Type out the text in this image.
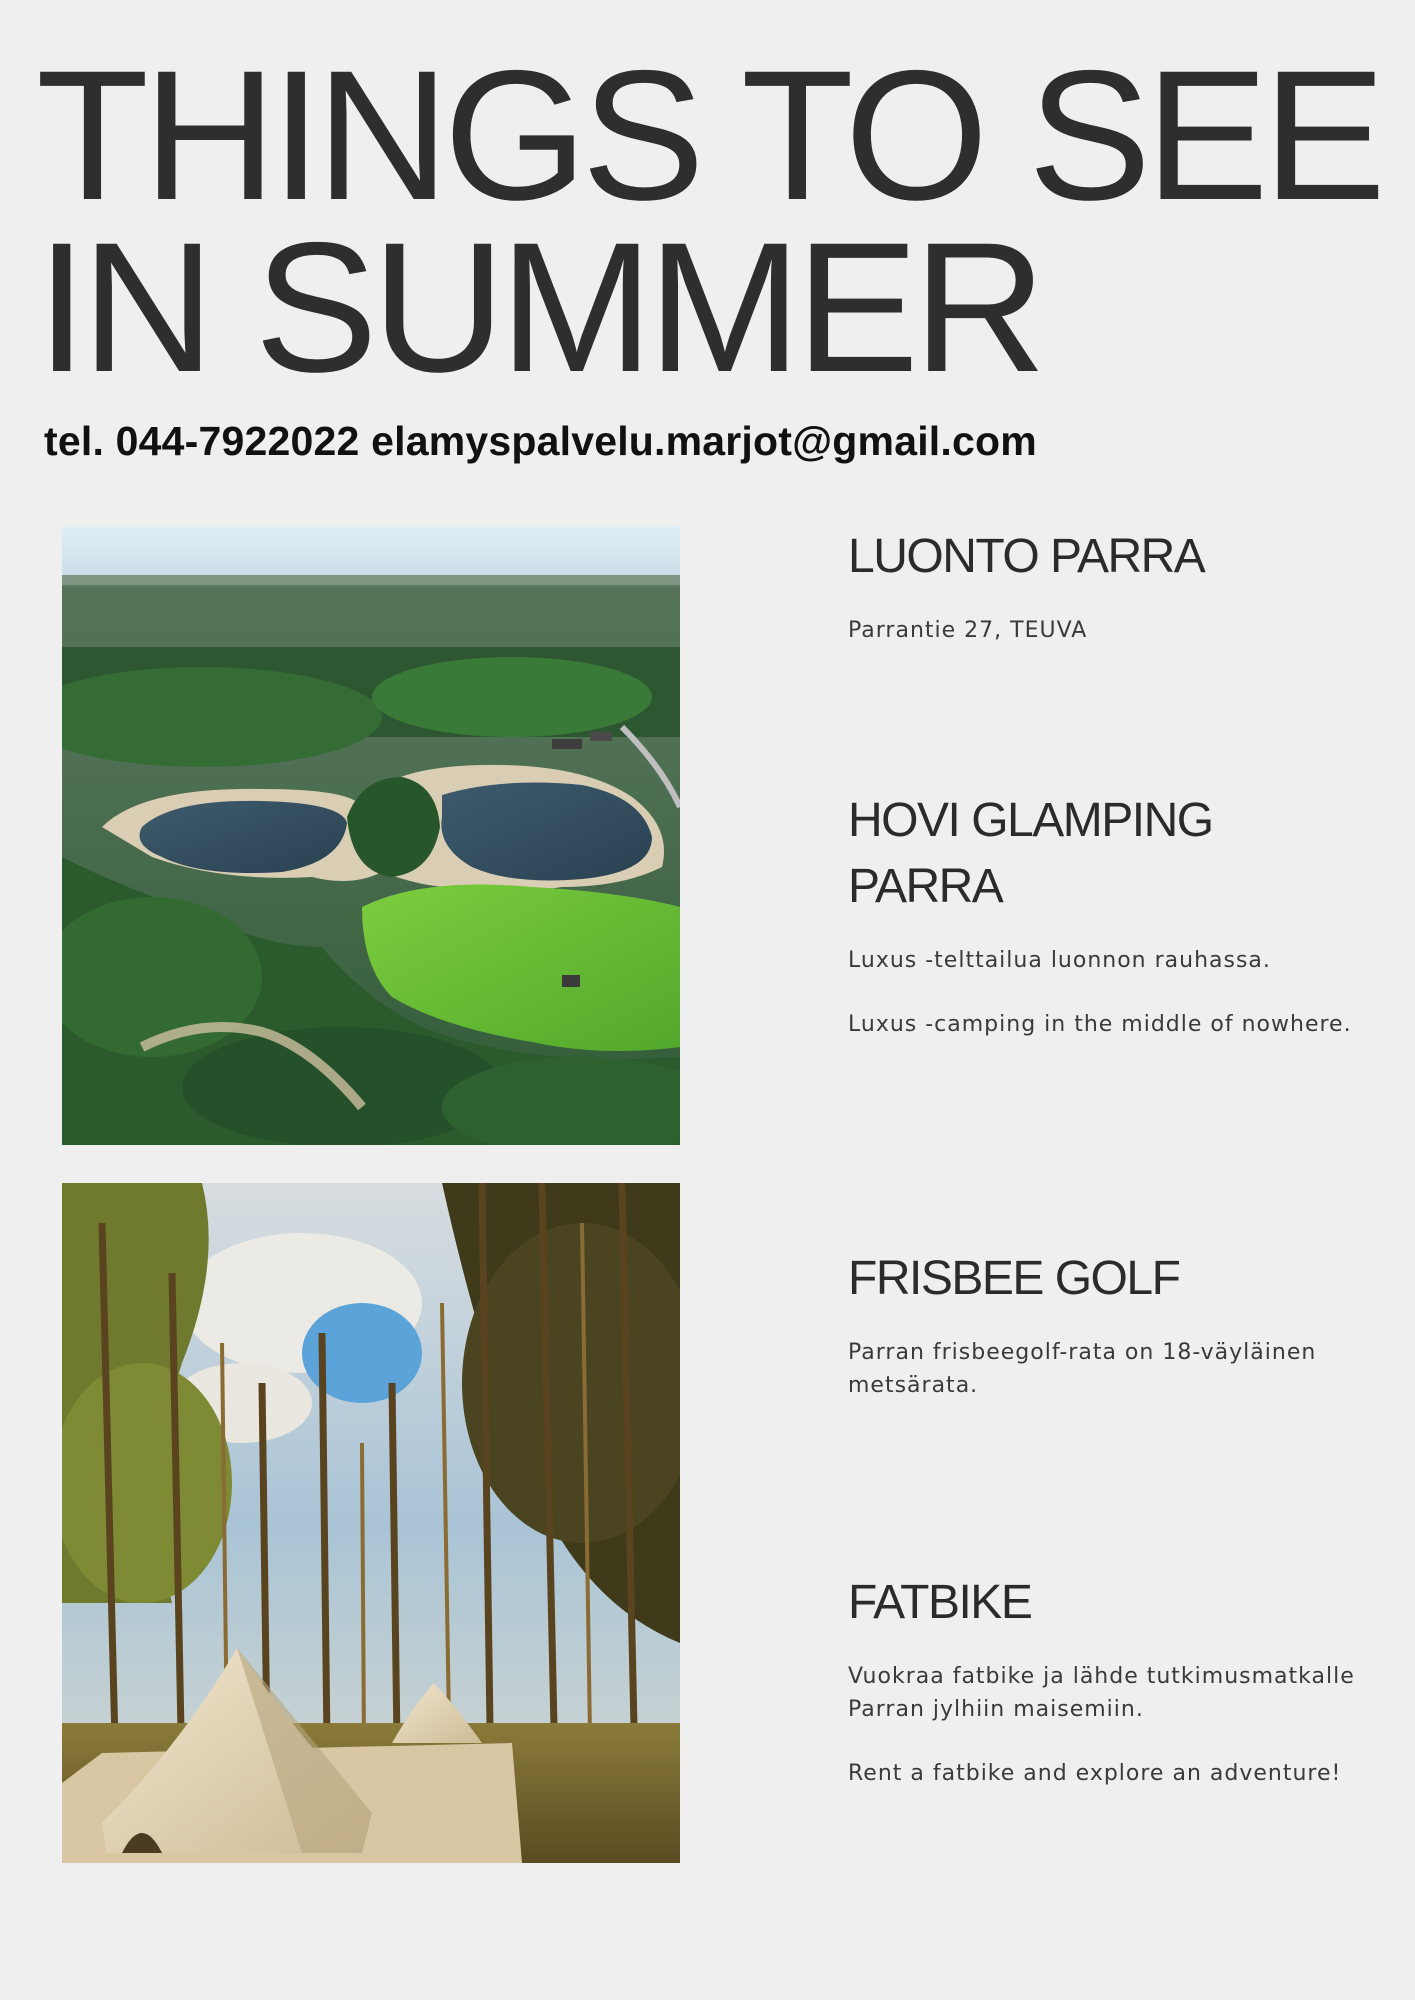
THINGS TO SEE
IN SUMMER
tel. 044-7922022 elamyspalvelu.marjot@gmail.com
LUONTO PARRA

Parrantie 27, TEUVA

HOVI GLAMPING
PARRA

Luxus -telttailua luonnon rauhassa.

Luxus -camping in the middle of nowhere.

FRISBEE GOLF

Parran frisbeegolf-rata on 18-väyläinen metsärata.

FATBIKE

Vuokraa fatbike ja lähde tutkimusmatkalle Parran jylhiin maisemiin.

Rent a fatbike and explore an adventure!
